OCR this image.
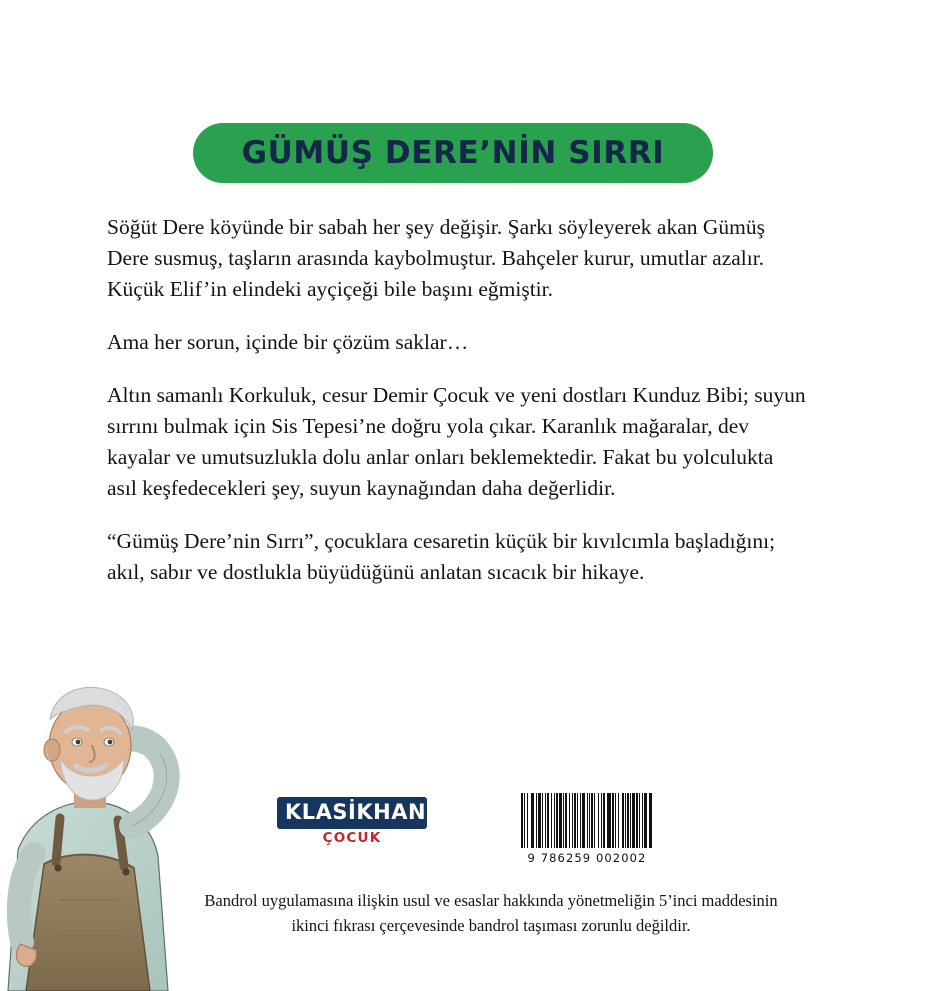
GÜMÜŞ DERE’NİN SIRRI

Söğüt Dere köyünde bir sabah her şey değişir. Şarkı söyleyerek akan Gümüş Dere susmuş, taşların arasında kaybolmuştur. Bahçeler kurur, umutlar azalır. Küçük Elif’in elindeki ayçiçeği bile başını eğmiştir.

Ama her sorun, içinde bir çözüm saklar…

Altın samanlı Korkuluk, cesur Demir Çocuk ve yeni dostları Kunduz Bibi; suyun sırrını bulmak için Sis Tepesi’ne doğru yola çıkar. Karanlık mağaralar, dev kayalar ve umutsuzlukla dolu anlar onları beklemektedir. Fakat bu yolculukta asıl keşfedecekleri şey, suyun kaynağından daha değerlidir.

“Gümüş Dere’nin Sırrı”, çocuklara cesaretin küçük bir kıvılcımla başladığını; akıl, sabır ve dostlukla büyüdüğünü anlatan sıcacık bir hikaye.

KLASİKHANE
ÇOCUK
9 786259 002002
Bandrol uygulamasına ilişkin usul ve esaslar hakkında yönetmeliğin 5’inci maddesinin ikinci fıkrası çerçevesinde bandrol taşıması zorunlu değildir.
